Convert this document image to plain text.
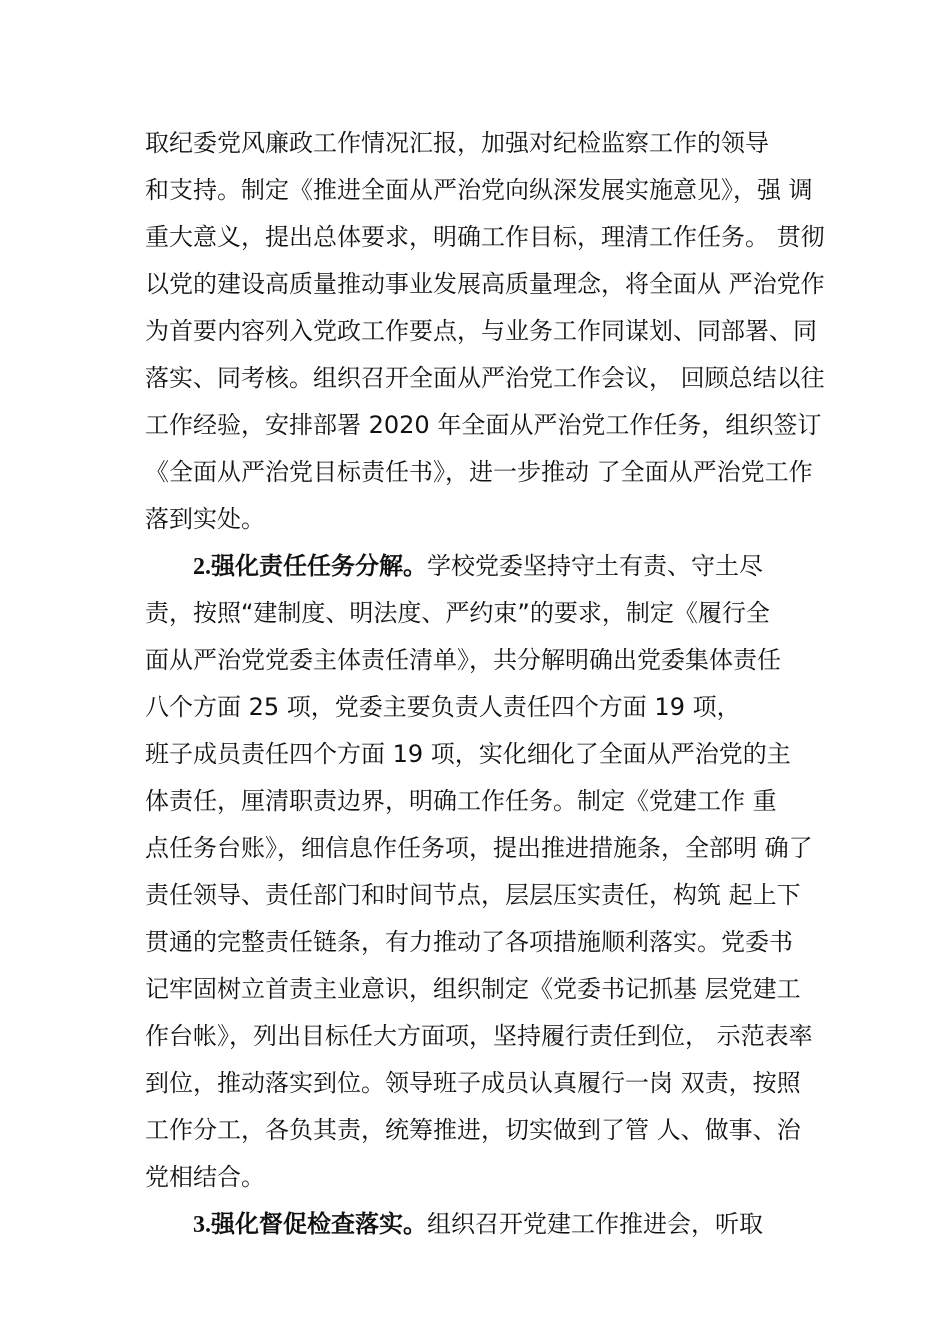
取纪委党风廉政工作情况汇报，加强对纪检监察工作的领导
和支持。制定《推进全面从严治党向纵深发展实施意见》，强 调
重大意义，提出总体要求，明确工作目标，理清工作任务。 贯彻
以党的建设高质量推动事业发展高质量理念，将全面从 严治党作
为首要内容列入党政工作要点，与业务工作同谋划、同部署、同
落实、同考核。组织召开全面从严治党工作会议， 回顾总结以往
工作经验，安排部署 2020 年全面从严治党工作任务，组织签订
《全面从严治党目标责任书》，进一步推动 了全面从严治党工作
落到实处。
2.强化责任任务分解。学校党委坚持守土有责、守土尽
责，按照“建制度、明法度、严约束”的要求，制定《履行全
面从严治党党委主体责任清单》，共分解明确出党委集体责任
八个方面 25 项，党委主要负责人责任四个方面 19 项，
班子成员责任四个方面 19 项，实化细化了全面从严治党的主
体责任，厘清职责边界，明确工作任务。制定《党建工作 重
点任务台账》，细信息作任务项，提出推进措施条，全部明 确了
责任领导、责任部门和时间节点，层层压实责任，构筑 起上下
贯通的完整责任链条，有力推动了各项措施顺利落实。党委书
记牢固树立首责主业意识，组织制定《党委书记抓基 层党建工
作台帐》，列出目标任大方面项，坚持履行责任到位， 示范表率
到位，推动落实到位。领导班子成员认真履行一岗 双责，按照
工作分工，各负其责，统筹推进，切实做到了管 人、做事、治
党相结合。
3.强化督促检查落实。组织召开党建工作推进会，听取
